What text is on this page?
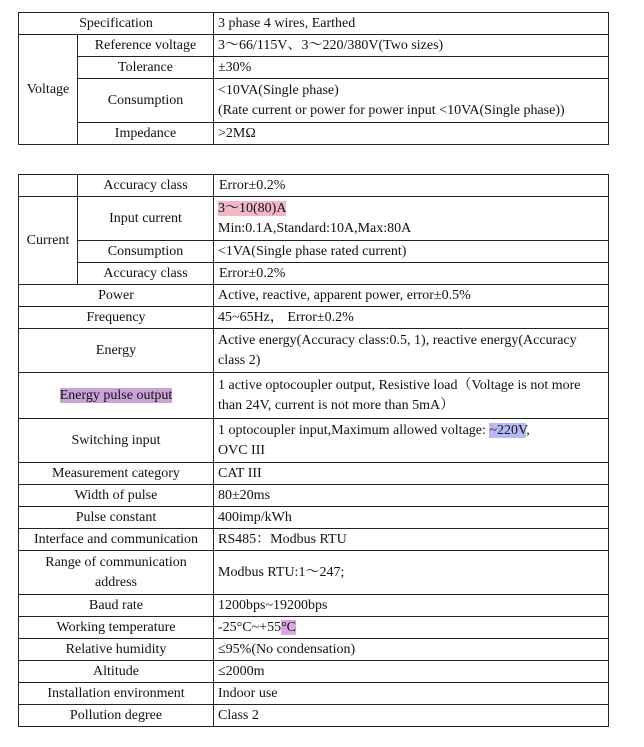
Specification		3 phase 4 wires, Earthed
Voltage	Reference voltage	3～66/115V、3～220/380V(Two sizes)
	Tolerance	±30%
	Consumption	<10VA(Single phase)
(Rate current or power for power input <10VA(Single phase))

	Impedance	>2MΩ
	Accuracy class	Error±0.2%
Current	Input current	3～10(80)A
Min:0.1A,Standard:10A,Max:80A

	Consumption	<1VA(Single phase rated current)
	Accuracy class	Error±0.2%
Power		Active, reactive, apparent power, error±0.5%
Frequency		45~65Hz， Error±0.2%
Energy		Active energy(Accuracy class:0.5, 1), reactive energy(Accuracy
class 2)

Energy pulse output		1 active optocoupler output, Resistive load（Voltage is not more
than 24V, current is not more than 5mA）

Switching input		1 optocoupler input,Maximum allowed voltage: ~220V,
OVC III

Measurement category		CAT III
Width of pulse		80±20ms
Pulse constant		400imp/kWh
Interface and communication		RS485：Modbus RTU

Range of communication
address		Modbus RTU:1～247;
Baud rate		1200bps~19200bps
Working temperature		-25°C~+55°C
Relative humidity		≤95%(No condensation)
Altitude		≤2000m
Installation environment		Indoor use
Pollution degree		Class 2
